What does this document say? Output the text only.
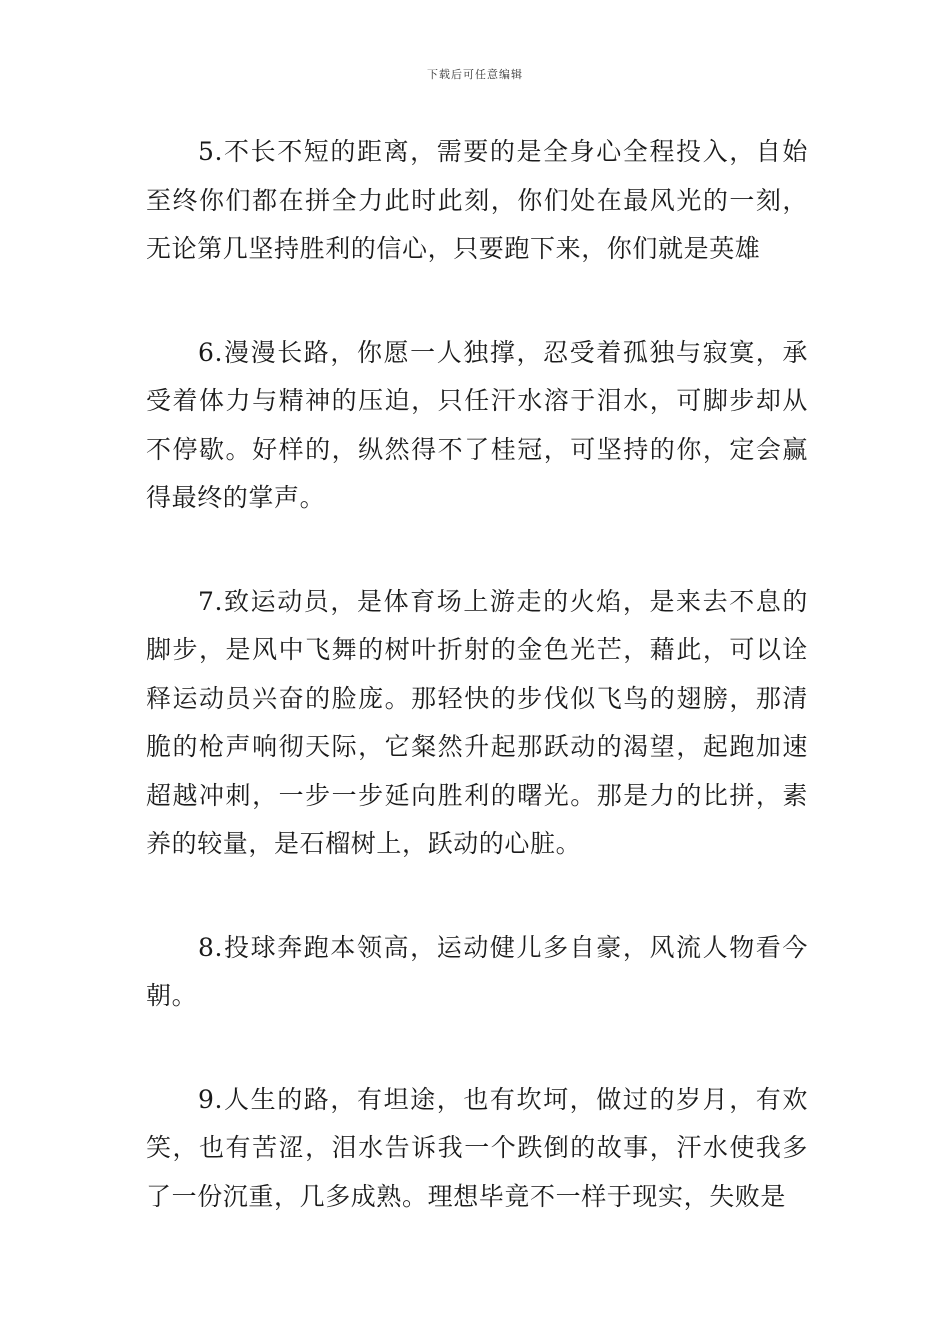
下载后可任意编辑

5.不长不短的距离，需要的是全身心全程投入，自始至终你们都在拼全力此时此刻，你们处在最风光的一刻，无论第几坚持胜利的信心，只要跑下来，你们就是英雄

6.漫漫长路，你愿一人独撑，忍受着孤独与寂寞，承受着体力与精神的压迫，只任汗水溶于泪水，可脚步却从不停歇。好样的，纵然得不了桂冠，可坚持的你，定会赢得最终的掌声。

7.致运动员，是体育场上游走的火焰，是来去不息的脚步，是风中飞舞的树叶折射的金色光芒，藉此，可以诠释运动员兴奋的脸庞。那轻快的步伐似飞鸟的翅膀，那清脆的枪声响彻天际，它粲然升起那跃动的渴望，起跑加速超越冲刺，一步一步延向胜利的曙光。那是力的比拼，素养的较量，是石榴树上，跃动的心脏。

8.投球奔跑本领高，运动健儿多自豪，风流人物看今朝。

9.人生的路，有坦途，也有坎坷，做过的岁月，有欢笑，也有苦涩，泪水告诉我一个跌倒的故事，汗水使我多了一份沉重，几多成熟。理想毕竟不一样于现实，失败是
